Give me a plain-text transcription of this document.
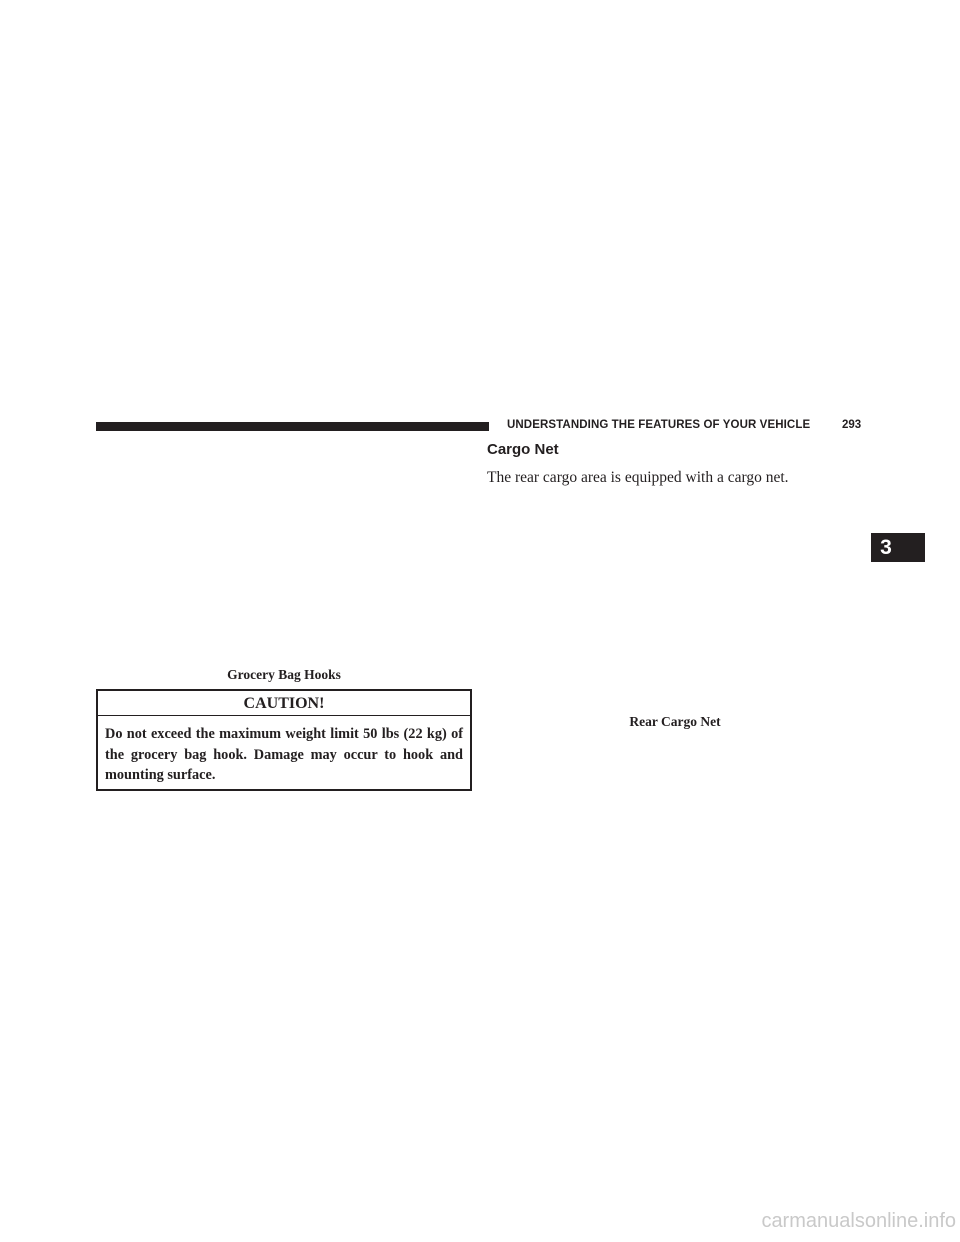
UNDERSTANDING THE FEATURES OF YOUR VEHICLE	293
Grocery Bag Hooks
CAUTION!
Do not exceed the maximum weight limit 50 lbs (22 kg) of the grocery bag hook. Damage may occur to hook and mounting surface.
Cargo Net
The rear cargo area is equipped with a cargo net.
Rear Cargo Net
3
carmanualsonline.info
